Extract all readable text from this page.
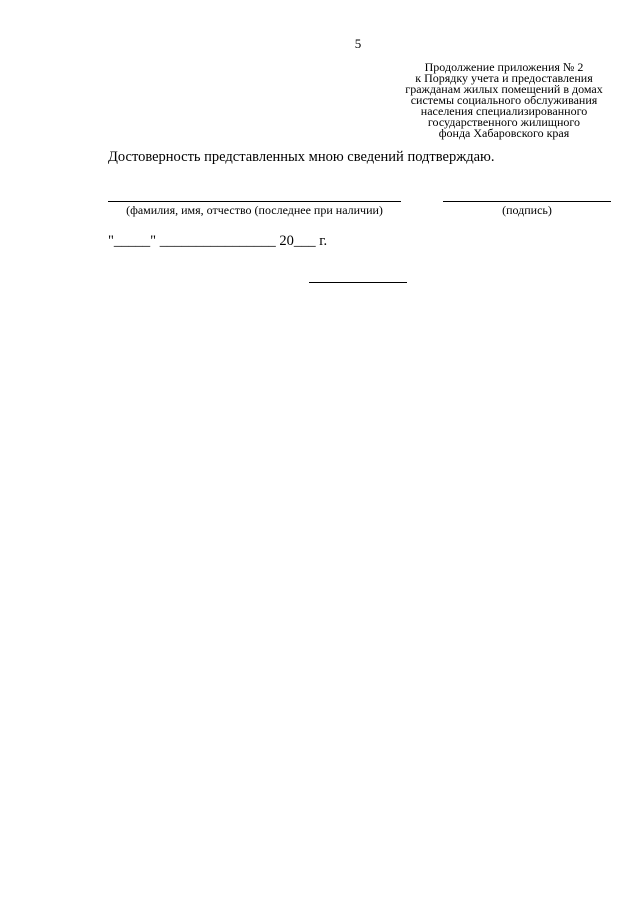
5
Продолжение приложения № 2
к Порядку учета и предоставления
гражданам жилых помещений в домах
системы социального обслуживания
населения специализированного
государственного жилищного
фонда Хабаровского края
Достоверность представленных мною сведений подтверждаю.
(фамилия, имя, отчество (последнее при наличии)	(подпись)
"_____" ________________ 20___ г.
